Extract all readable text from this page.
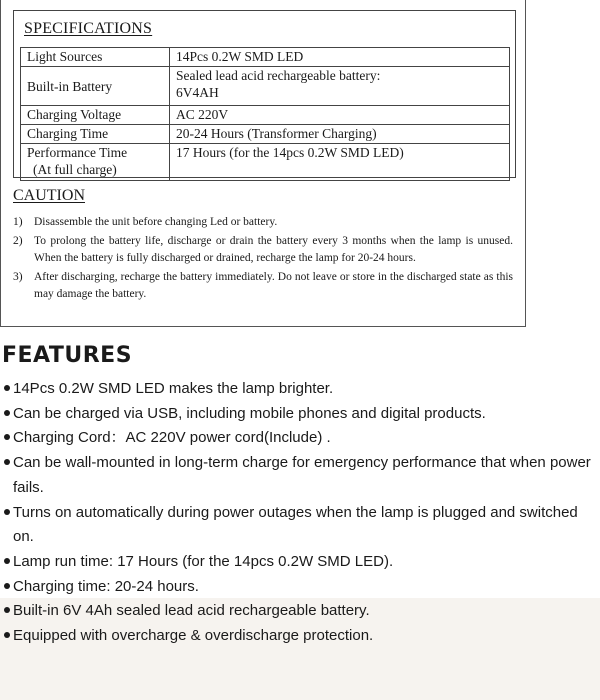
SPECIFICATIONS
Light Sources	14Pcs 0.2W SMD LED
Built-in Battery	Sealed lead acid rechargeable battery:
6V4AH

Charging Voltage	AC 220V
Charging Time	20-24 Hours (Transformer Charging)

Performance Time
(At full charge)	17 Hours (for the 14pcs 0.2W SMD LED)
CAUTION
1) Disassemble the unit before changing Led or battery.
2) To prolong the battery life, discharge or drain the battery every 3 months when the lamp is unused. When the battery is fully discharged or drained, recharge the lamp for 20-24 hours.
3) After discharging, recharge the battery immediately. Do not leave or store in the discharged state as this may damage the battery.
FEATURES
14Pcs 0.2W SMD LED makes the lamp brighter.
Can be charged via USB, including mobile phones and digital products.
Charging Cord：AC 220V power cord(Include) .
Can be wall-mounted in long-term charge for emergency performance that when power fails.
Turns on automatically during power outages when the lamp is plugged and switched on.
Lamp run time: 17 Hours (for the 14pcs 0.2W SMD LED).
Charging time: 20-24 hours.
Built-in 6V 4Ah sealed lead acid rechargeable battery.
Equipped with overcharge & overdischarge protection.
